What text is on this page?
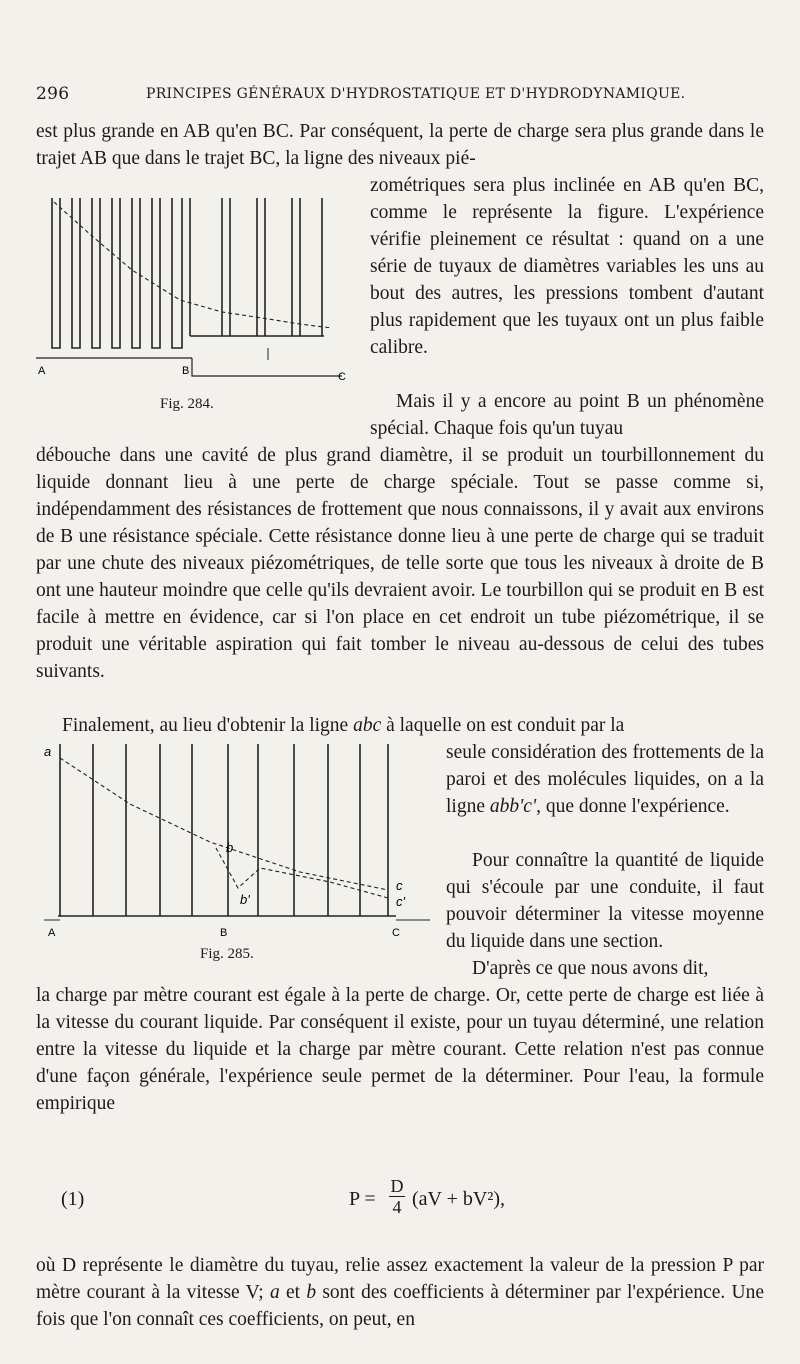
296	PRINCIPES GÉNÉRAUX D'HYDROSTATIQUE ET D'HYDRODYNAMIQUE.

est plus grande en AB qu'en BC. Par conséquent, la perte de charge sera plus grande dans le trajet AB que dans le trajet BC, la ligne des niveaux pié-

zométriques sera plus inclinée en AB qu'en BC, comme le représente la figure. L'expérience vérifie pleinement ce résultat : quand on a une série de tuyaux de diamètres variables les uns au bout des autres, les pressions tombent d'autant plus rapidement que les tuyaux ont un plus faible calibre.

Mais il y a encore au point B un phénomène spécial. Chaque fois qu'un tuyau

débouche dans une cavité de plus grand diamètre, il se produit un tourbillonnement du liquide donnant lieu à une perte de charge spéciale. Tout se passe comme si, indépendamment des résistances de frottement que nous connaissons, il y avait aux environs de B une résistance spéciale. Cette résistance donne lieu à une perte de charge qui se traduit par une chute des niveaux piézométriques, de telle sorte que tous les niveaux à droite de B ont une hauteur moindre que celle qu'ils devraient avoir. Le tourbillon qui se produit en B est facile à mettre en évidence, car si l'on place en cet endroit un tube piézométrique, il se produit une véritable aspiration qui fait tomber le niveau au-dessous de celui des tubes suivants.

Finalement, au lieu d'obtenir la ligne abc à laquelle on est conduit par la

seule considération des frottements de la paroi et des molécules liquides, on a la ligne abb'c', que donne l'expérience.

Pour connaître la quantité de liquide qui s'écoule par une conduite, il faut pouvoir déterminer la vitesse moyenne du liquide dans une section.

D'après ce que nous avons dit,

la charge par mètre courant est égale à la perte de charge. Or, cette perte de charge est liée à la vitesse du courant liquide. Par conséquent il existe, pour un tuyau déterminé, une relation entre la vitesse du liquide et la charge par mètre courant. Cette relation n'est pas connue d'une façon générale, l'expérience seule permet de la déterminer. Pour l'eau, la formule empirique

(1)	$P = \frac{D}{4} (aV + bV^2)$,

où D représente le diamètre du tuyau, relie assez exactement la valeur de la pression P par mètre courant à la vitesse V; a et b sont des coefficients à déterminer par l'expérience. Une fois que l'on connaît ces coefficients, on peut, en

A	B	C
Fig. 284.
a
b
b'
c
c'
A	B	C
Fig. 285.
